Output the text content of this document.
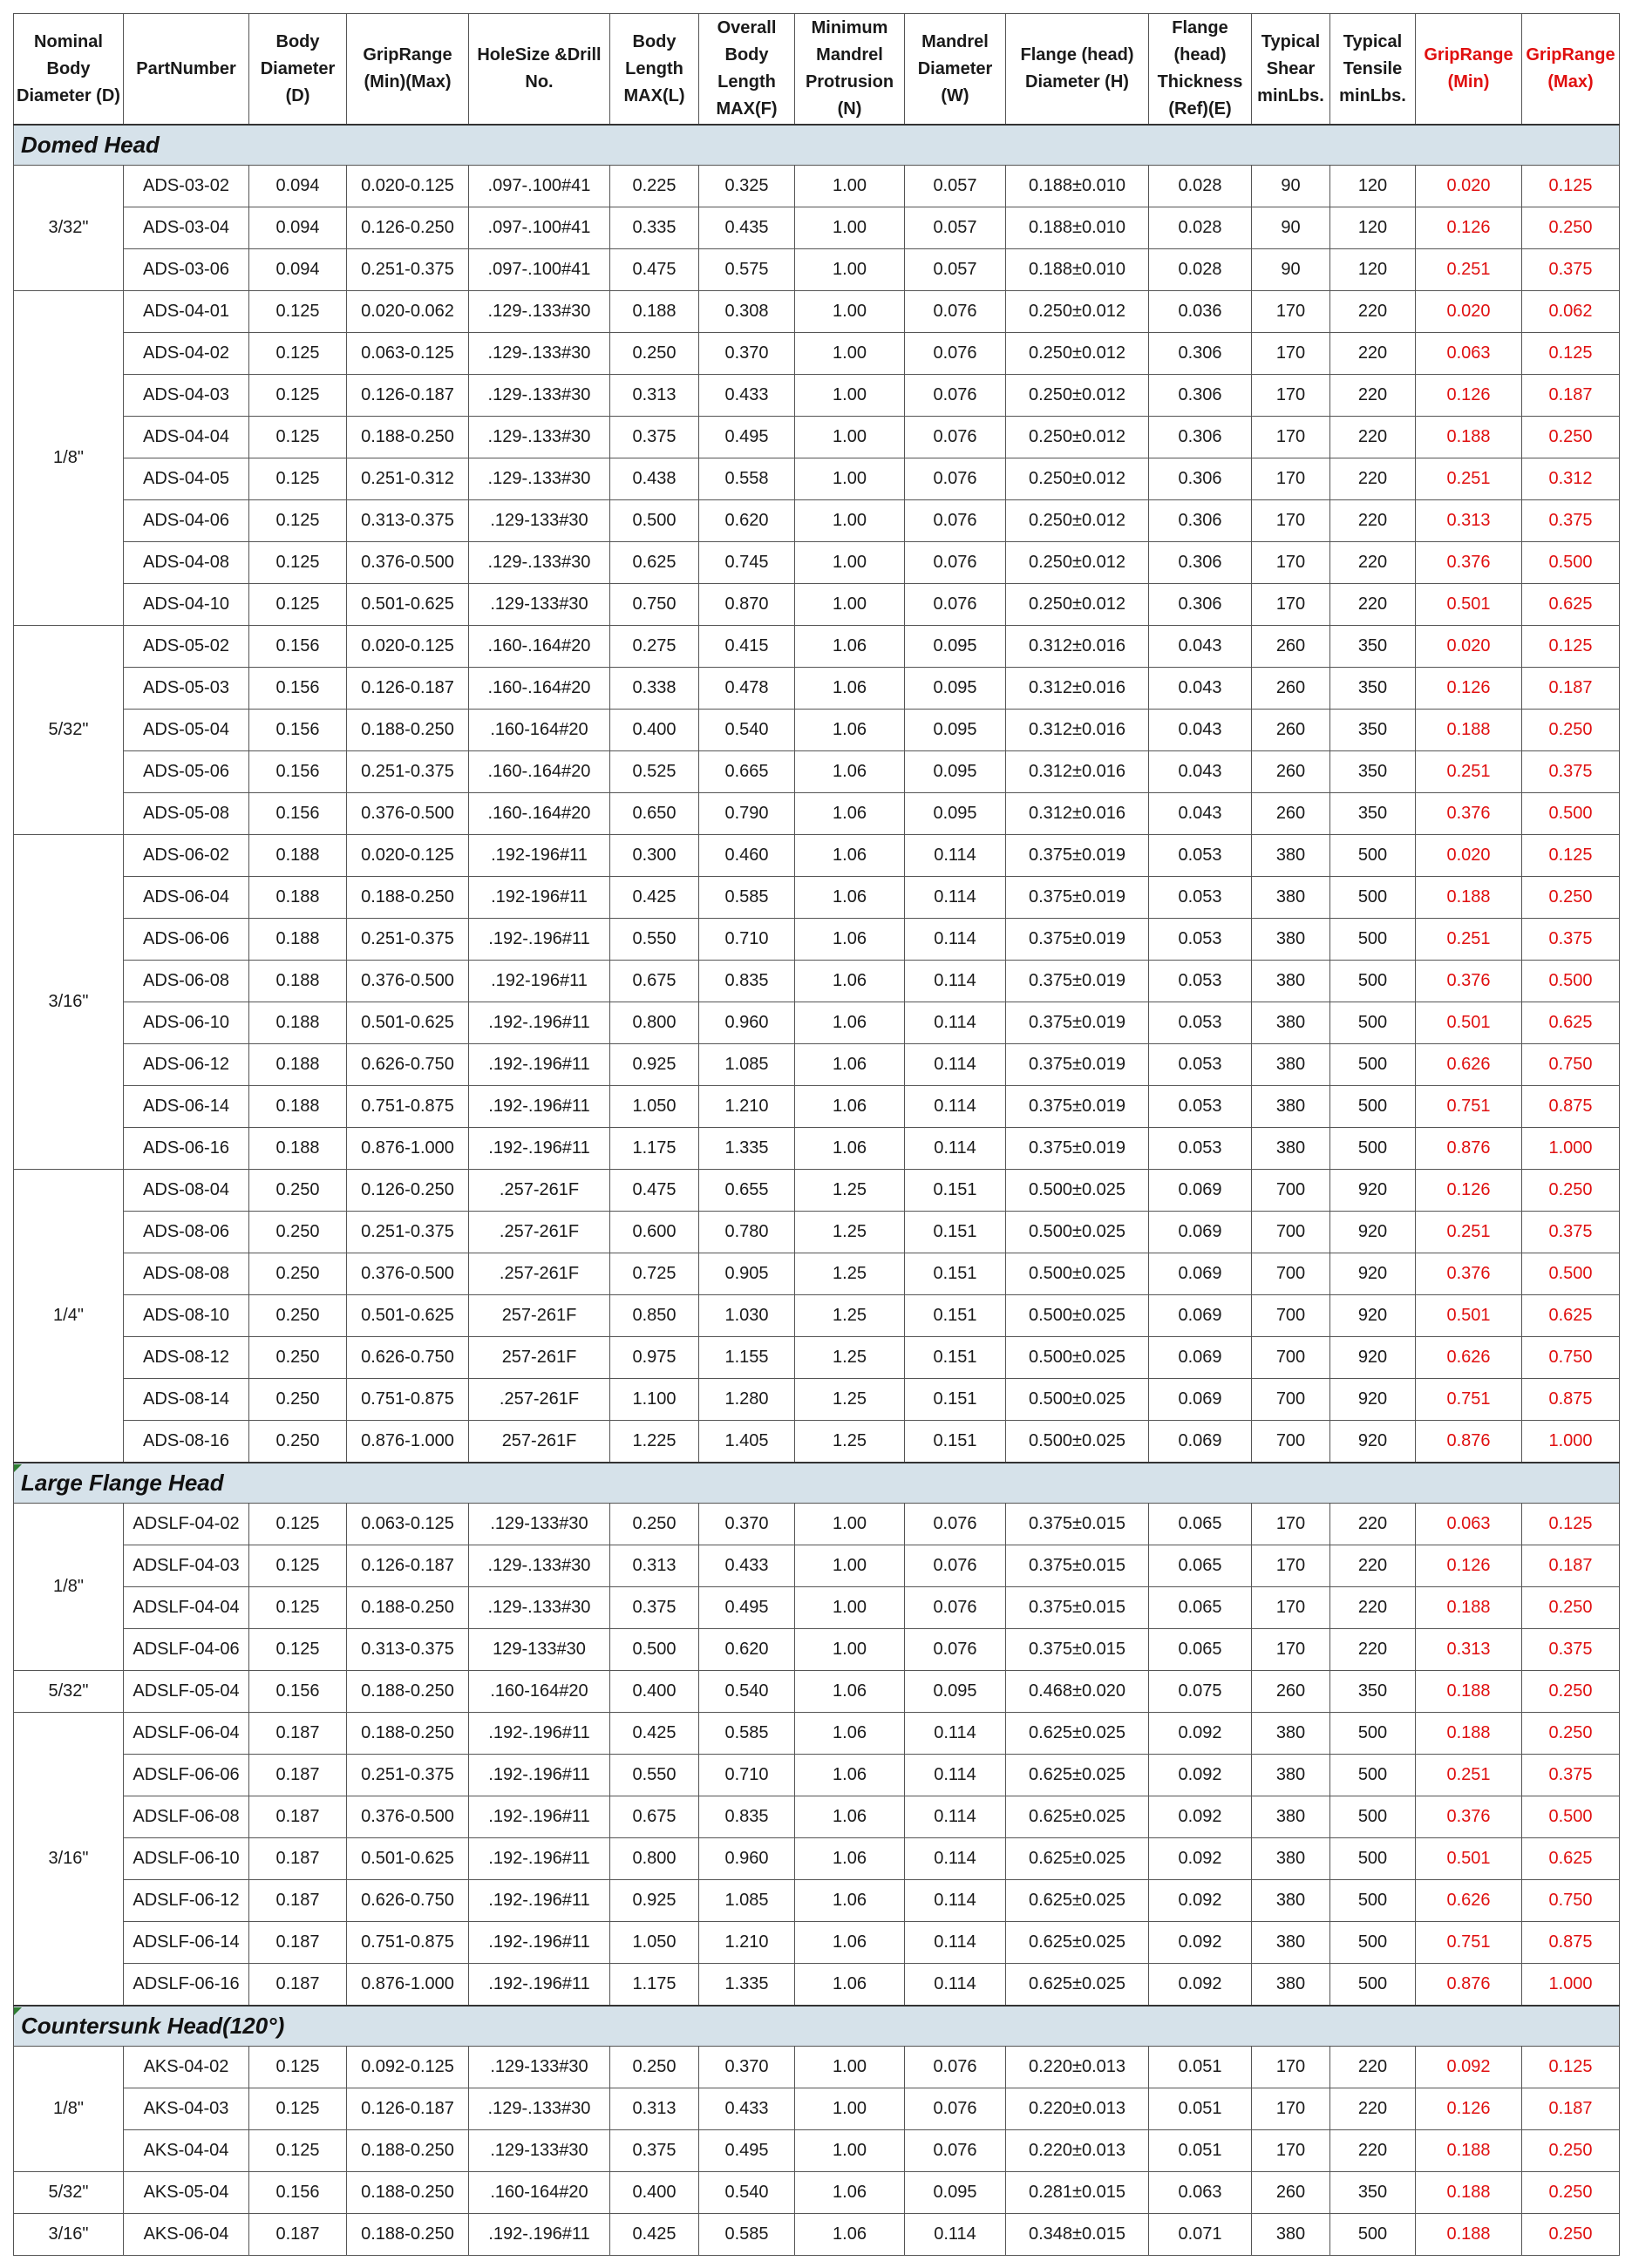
Nominal Body Diameter (D)	PartNumber	Body Diameter (D)	GripRange (Min)(Max)	HoleSize &Drill No.	Body Length MAX(L)	Overall Body Length MAX(F)	Minimum Mandrel Protrusion (N)	Mandrel Diameter (W)	Flange (head) Diameter (H)	Flange (head) Thickness (Ref)(E)	Typical Shear minLbs.	Typical Tensile minLbs.	GripRange (Min)	GripRange (Max)
Domed Head														
3/32"	ADS-03-02	0.094	0.020-0.125	.097-.100#41	0.225	0.325	1.00	0.057	0.188±0.010	0.028	90	120	0.020	0.125
	ADS-03-04	0.094	0.126-0.250	.097-.100#41	0.335	0.435	1.00	0.057	0.188±0.010	0.028	90	120	0.126	0.250
	ADS-03-06	0.094	0.251-0.375	.097-.100#41	0.475	0.575	1.00	0.057	0.188±0.010	0.028	90	120	0.251	0.375
1/8"	ADS-04-01	0.125	0.020-0.062	.129-.133#30	0.188	0.308	1.00	0.076	0.250±0.012	0.036	170	220	0.020	0.062
	ADS-04-02	0.125	0.063-0.125	.129-.133#30	0.250	0.370	1.00	0.076	0.250±0.012	0.306	170	220	0.063	0.125
	ADS-04-03	0.125	0.126-0.187	.129-.133#30	0.313	0.433	1.00	0.076	0.250±0.012	0.306	170	220	0.126	0.187
	ADS-04-04	0.125	0.188-0.250	.129-.133#30	0.375	0.495	1.00	0.076	0.250±0.012	0.306	170	220	0.188	0.250
	ADS-04-05	0.125	0.251-0.312	.129-.133#30	0.438	0.558	1.00	0.076	0.250±0.012	0.306	170	220	0.251	0.312
	ADS-04-06	0.125	0.313-0.375	.129-133#30	0.500	0.620	1.00	0.076	0.250±0.012	0.306	170	220	0.313	0.375
	ADS-04-08	0.125	0.376-0.500	.129-.133#30	0.625	0.745	1.00	0.076	0.250±0.012	0.306	170	220	0.376	0.500
	ADS-04-10	0.125	0.501-0.625	.129-133#30	0.750	0.870	1.00	0.076	0.250±0.012	0.306	170	220	0.501	0.625
5/32"	ADS-05-02	0.156	0.020-0.125	.160-.164#20	0.275	0.415	1.06	0.095	0.312±0.016	0.043	260	350	0.020	0.125
	ADS-05-03	0.156	0.126-0.187	.160-.164#20	0.338	0.478	1.06	0.095	0.312±0.016	0.043	260	350	0.126	0.187
	ADS-05-04	0.156	0.188-0.250	.160-164#20	0.400	0.540	1.06	0.095	0.312±0.016	0.043	260	350	0.188	0.250
	ADS-05-06	0.156	0.251-0.375	.160-.164#20	0.525	0.665	1.06	0.095	0.312±0.016	0.043	260	350	0.251	0.375
	ADS-05-08	0.156	0.376-0.500	.160-.164#20	0.650	0.790	1.06	0.095	0.312±0.016	0.043	260	350	0.376	0.500
3/16"	ADS-06-02	0.188	0.020-0.125	.192-196#11	0.300	0.460	1.06	0.114	0.375±0.019	0.053	380	500	0.020	0.125
	ADS-06-04	0.188	0.188-0.250	.192-196#11	0.425	0.585	1.06	0.114	0.375±0.019	0.053	380	500	0.188	0.250
	ADS-06-06	0.188	0.251-0.375	.192-.196#11	0.550	0.710	1.06	0.114	0.375±0.019	0.053	380	500	0.251	0.375
	ADS-06-08	0.188	0.376-0.500	.192-196#11	0.675	0.835	1.06	0.114	0.375±0.019	0.053	380	500	0.376	0.500
	ADS-06-10	0.188	0.501-0.625	.192-.196#11	0.800	0.960	1.06	0.114	0.375±0.019	0.053	380	500	0.501	0.625
	ADS-06-12	0.188	0.626-0.750	.192-.196#11	0.925	1.085	1.06	0.114	0.375±0.019	0.053	380	500	0.626	0.750
	ADS-06-14	0.188	0.751-0.875	.192-.196#11	1.050	1.210	1.06	0.114	0.375±0.019	0.053	380	500	0.751	0.875
	ADS-06-16	0.188	0.876-1.000	.192-.196#11	1.175	1.335	1.06	0.114	0.375±0.019	0.053	380	500	0.876	1.000
1/4"	ADS-08-04	0.250	0.126-0.250	.257-261F	0.475	0.655	1.25	0.151	0.500±0.025	0.069	700	920	0.126	0.250
	ADS-08-06	0.250	0.251-0.375	.257-261F	0.600	0.780	1.25	0.151	0.500±0.025	0.069	700	920	0.251	0.375
	ADS-08-08	0.250	0.376-0.500	.257-261F	0.725	0.905	1.25	0.151	0.500±0.025	0.069	700	920	0.376	0.500
	ADS-08-10	0.250	0.501-0.625	257-261F	0.850	1.030	1.25	0.151	0.500±0.025	0.069	700	920	0.501	0.625
	ADS-08-12	0.250	0.626-0.750	257-261F	0.975	1.155	1.25	0.151	0.500±0.025	0.069	700	920	0.626	0.750
	ADS-08-14	0.250	0.751-0.875	.257-261F	1.100	1.280	1.25	0.151	0.500±0.025	0.069	700	920	0.751	0.875
	ADS-08-16	0.250	0.876-1.000	257-261F	1.225	1.405	1.25	0.151	0.500±0.025	0.069	700	920	0.876	1.000
Large Flange Head														
1/8"	ADSLF-04-02	0.125	0.063-0.125	.129-133#30	0.250	0.370	1.00	0.076	0.375±0.015	0.065	170	220	0.063	0.125
	ADSLF-04-03	0.125	0.126-0.187	.129-.133#30	0.313	0.433	1.00	0.076	0.375±0.015	0.065	170	220	0.126	0.187
	ADSLF-04-04	0.125	0.188-0.250	.129-.133#30	0.375	0.495	1.00	0.076	0.375±0.015	0.065	170	220	0.188	0.250
	ADSLF-04-06	0.125	0.313-0.375	129-133#30	0.500	0.620	1.00	0.076	0.375±0.015	0.065	170	220	0.313	0.375
5/32"	ADSLF-05-04	0.156	0.188-0.250	.160-164#20	0.400	0.540	1.06	0.095	0.468±0.020	0.075	260	350	0.188	0.250
3/16"	ADSLF-06-04	0.187	0.188-0.250	.192-.196#11	0.425	0.585	1.06	0.114	0.625±0.025	0.092	380	500	0.188	0.250
	ADSLF-06-06	0.187	0.251-0.375	.192-.196#11	0.550	0.710	1.06	0.114	0.625±0.025	0.092	380	500	0.251	0.375
	ADSLF-06-08	0.187	0.376-0.500	.192-.196#11	0.675	0.835	1.06	0.114	0.625±0.025	0.092	380	500	0.376	0.500
	ADSLF-06-10	0.187	0.501-0.625	.192-.196#11	0.800	0.960	1.06	0.114	0.625±0.025	0.092	380	500	0.501	0.625
	ADSLF-06-12	0.187	0.626-0.750	.192-.196#11	0.925	1.085	1.06	0.114	0.625±0.025	0.092	380	500	0.626	0.750
	ADSLF-06-14	0.187	0.751-0.875	.192-.196#11	1.050	1.210	1.06	0.114	0.625±0.025	0.092	380	500	0.751	0.875
	ADSLF-06-16	0.187	0.876-1.000	.192-.196#11	1.175	1.335	1.06	0.114	0.625±0.025	0.092	380	500	0.876	1.000
Countersunk Head(120°)														
1/8"	AKS-04-02	0.125	0.092-0.125	.129-133#30	0.250	0.370	1.00	0.076	0.220±0.013	0.051	170	220	0.092	0.125
	AKS-04-03	0.125	0.126-0.187	.129-.133#30	0.313	0.433	1.00	0.076	0.220±0.013	0.051	170	220	0.126	0.187
	AKS-04-04	0.125	0.188-0.250	.129-133#30	0.375	0.495	1.00	0.076	0.220±0.013	0.051	170	220	0.188	0.250
5/32"	AKS-05-04	0.156	0.188-0.250	.160-164#20	0.400	0.540	1.06	0.095	0.281±0.015	0.063	260	350	0.188	0.250
3/16"	AKS-06-04	0.187	0.188-0.250	.192-.196#11	0.425	0.585	1.06	0.114	0.348±0.015	0.071	380	500	0.188	0.250
